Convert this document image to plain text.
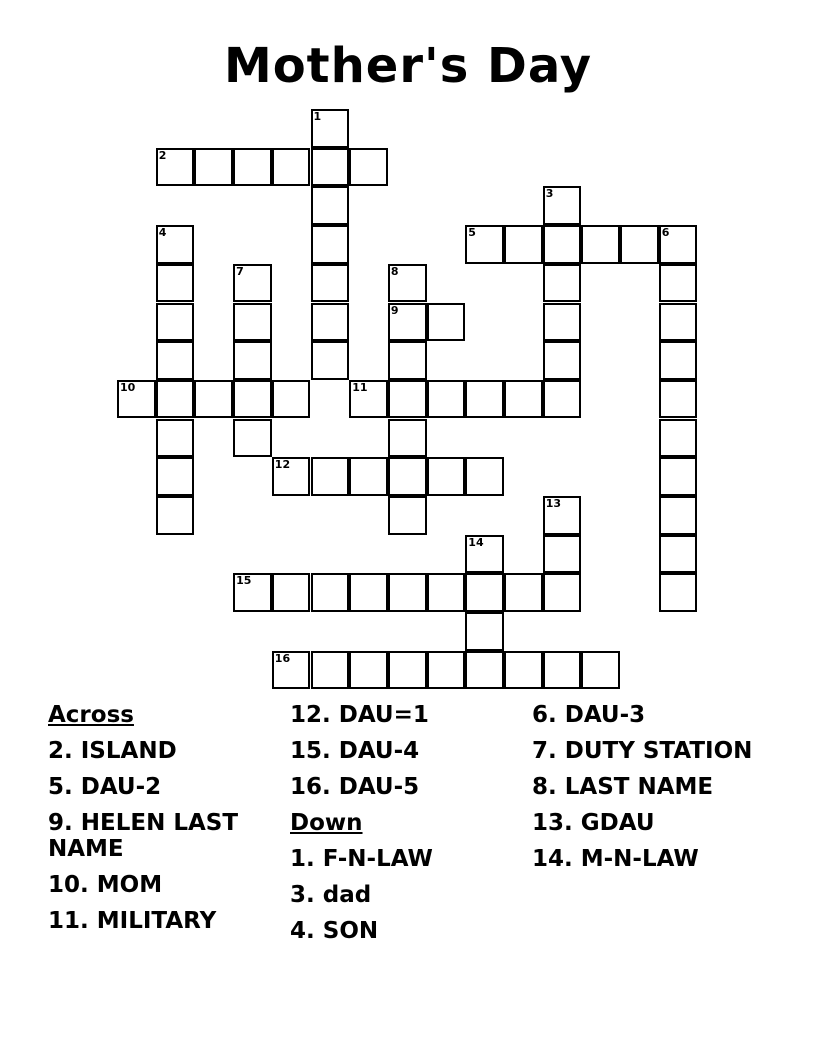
Mother's Day
1
2
3
4	5	6
7	8
9
10	11
12
13
14
15
16
Across
2. ISLAND
5. DAU-2
9. HELEN LAST NAME
10. MOM
11. MILITARY
12. DAU=1
15. DAU-4
16. DAU-5
Down
1. F-N-LAW
3. dad
4. SON
6. DAU-3
7. DUTY STATION
8. LAST NAME
13. GDAU
14. M-N-LAW
